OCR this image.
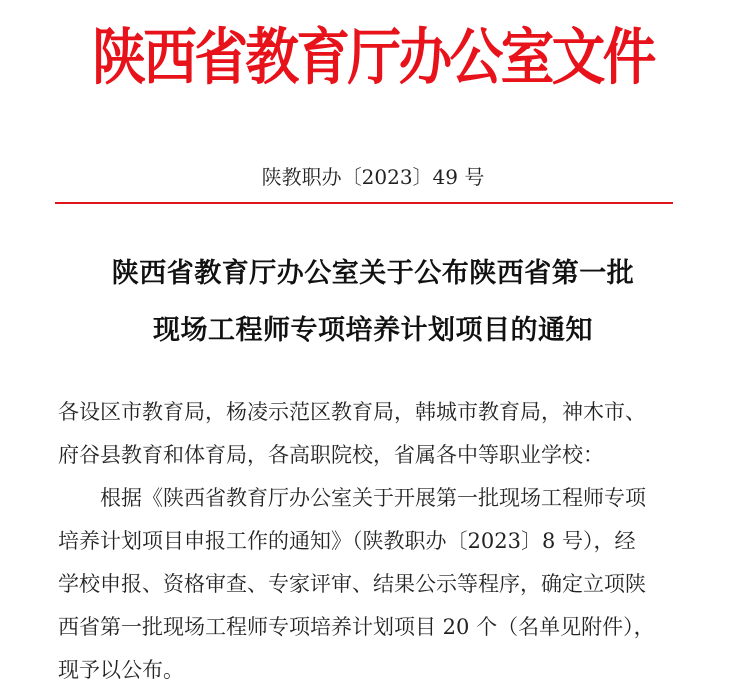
陕西省教育厅办公室文件
陕教职办〔2023〕49 号
陕西省教育厅办公室关于公布陕西省第一批
现场工程师专项培养计划项目的通知
各设区市教育局，杨凌示范区教育局，韩城市教育局，神木市、
府谷县教育和体育局，各高职院校，省属各中等职业学校：
根据《陕西省教育厅办公室关于开展第一批现场工程师专项
培养计划项目申报工作的通知》（陕教职办〔2023〕8 号），经
学校申报、资格审查、专家评审、结果公示等程序，确定立项陕
西省第一批现场工程师专项培养计划项目 20 个（名单见附件），
现予以公布。
